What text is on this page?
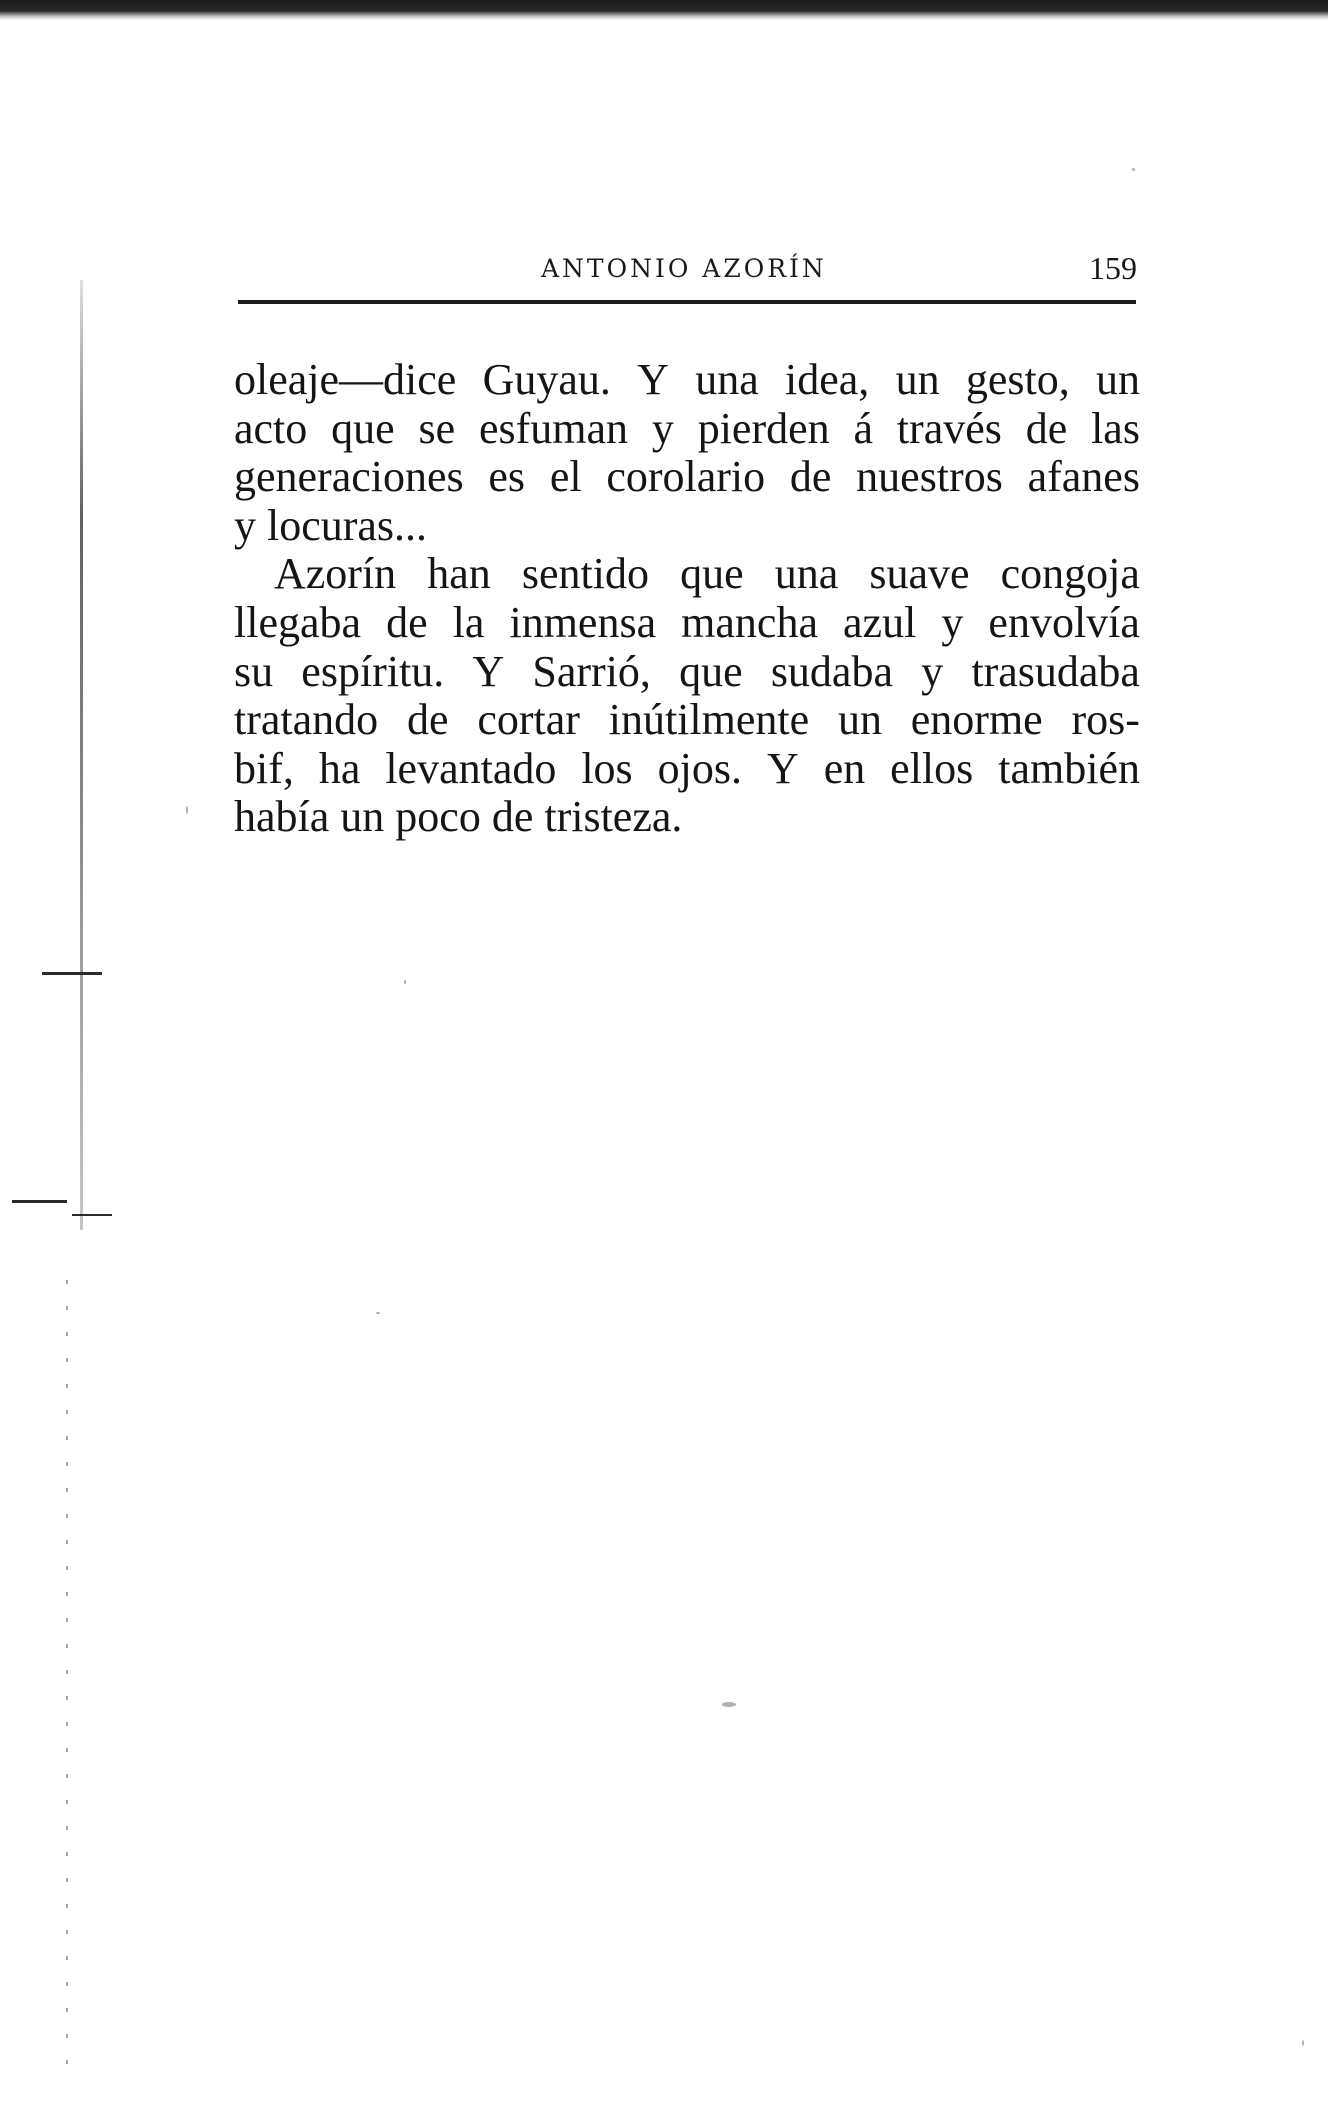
ANTONIO AZORÍN	159
oleaje—dice Guyau. Y una idea, un gesto, un
acto que se esfuman y pierden á través de las
generaciones es el corolario de nuestros afanes
y locuras...
Azorín han sentido que una suave congoja
llegaba de la inmensa mancha azul y envolvía
su espíritu. Y Sarrió, que sudaba y trasudaba
tratando de cortar inútilmente un enorme ros-
bif, ha levantado los ojos. Y en ellos también
había un poco de tristeza.
